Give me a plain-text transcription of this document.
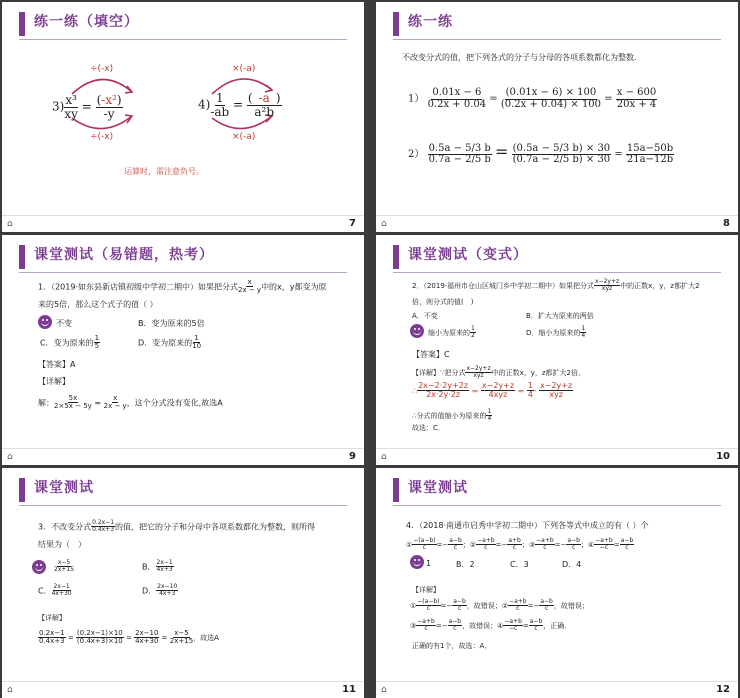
练一练（填空）
÷(-x)
÷(-x)
$3) \frac{\text{x³}}{xy} = \frac{\text{(-x²)}}{-y}$
×(-a)
×(-a)
$4) \frac{1}{-ab} = \frac{( -a )}{\text{a²b}}$
运算时，需注意负号。
⌂	7
练一练
不改变分式的值，把下列各式的分子与分母的各项系数都化为整数.
$1) \frac{0.01x - 6}{0.2x + 0.04} = \frac{(0.01x - 6) \times 100}{(0.2x + 0.04) \times 100} = \frac{x - 600}{20x + 4}$
$2) \frac{0.5a - 5/3 b}{0.7a - 2/5 b} = \frac{(0.5a - 5/3 b) \times 30}{(0.7a - 2/5 b) \times 30} = \frac{15a-50b}{21a-12b}$
⌂	8
课堂测试（易错题，热考）
1．（2019·如东县新店镇初级中学初二期中）如果把分式 $\frac{x}{2x - y}$ 中的x，y都变为原
来的5倍，那么这个式子的值（ ）
不变	B．变为原来的5倍
C．变为原来的 $\frac{1}{5}$	D．变为原来的 $\frac{1}{10}$
【答案】A
【详解】
解： $\frac{5x}{2\times 5x - 5y} = \frac{x}{2x - y}$ ，这个分式没有变化,故选A
⌂	9
课堂测试（变式）
2．（2019·福州市仓山区城门乡中学初二期中）如果把分式 $\frac{x-2y+z}{\text{xyz}}$ 中的正数x，y，z都扩大2
倍，则分式的值(　)
A．不变	B．扩大为原来的两倍
缩小为原来的 $\frac{1}{2}$	D．缩小为原来的 $\frac{1}{4}$
【答案】C
【详解】∵把分式 $\frac{x-2y+z}{\text{xyz}}$ 中的正数x，y，z都扩大2倍，
∴ $\frac{2x-2\cdot 2y+2z}{2x\cdot 2y\cdot 2z} = \frac{x-2y+z}{\text{4xyz}} = \frac{1}{4} \cdot \frac{x-2y+z}{\text{xyz}}$
∴分式的值缩小为原来的 $\frac{1}{4}$
故选：C．
⌂	10
课堂测试
3．不改变分式 $\frac{0.2x-1}{0.4x+3}$ 的值，把它的分子和分母中各项系数都化为整数，则所得
结果为（　）
$\frac{x-5}{2x+15}$	B． $\frac{2x-1}{4x+3}$
C． $\frac{2x-1}{4x+30}$	D． $\frac{2x-10}{4x+3}$
【详解】
$\frac{0.2x-1}{0.4x+3} = \frac{(0.2x-1)\times 10}{(0.4x+3)\times 10} = \frac{2x-10}{4x+30} = \frac{x-5}{2x+15}$ ，故选A
⌂	11
课堂测试
4．（2018·南通市启秀中学初二期中）下列各等式中成立的有（ ）个
① $\frac{-(a-b)}{c} =- \frac{a-b}{c}$ ；② $\frac{-a+b}{c} =- \frac{a+b}{c}$ ；③ $\frac{-a+b}{c} =- \frac{a-b}{c}$ ；④ $\frac{-a+b}{-c} = \frac{a-b}{c}$
1	B．2	C．3	D．4
【详解】
① $\frac{-(a-b)}{c} =- \frac{a-b}{c}$ ，故错误；② $\frac{-a+b}{c} =- \frac{a-b}{c}$ ，故错误；
③ $\frac{-a+b}{c} =- \frac{a-b}{c}$ ，故错误；④ $\frac{-a+b}{-c} = \frac{a-b}{c}$ ，正确.
正确的有1个，故选：A．
⌂	12
